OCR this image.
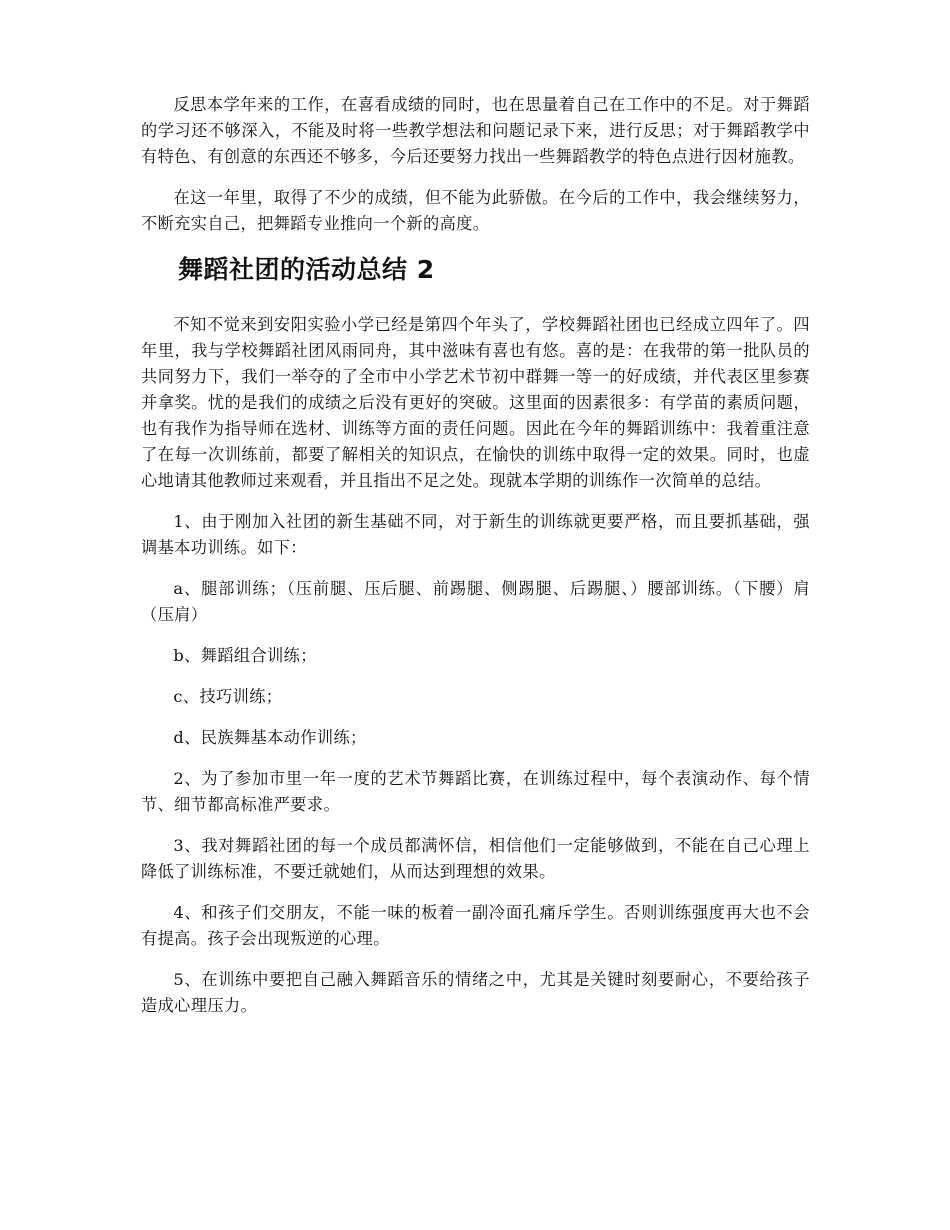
反思本学年来的工作，在喜看成绩的同时，也在思量着自己在工作中的不足。对于舞蹈的学习还不够深入，不能及时将一些教学想法和问题记录下来，进行反思；对于舞蹈教学中有特色、有创意的东西还不够多，今后还要努力找出一些舞蹈教学的特色点进行因材施教。

在这一年里，取得了不少的成绩，但不能为此骄傲。在今后的工作中，我会继续努力，不断充实自己，把舞蹈专业推向一个新的高度。

舞蹈社团的活动总结 2

不知不觉来到安阳实验小学已经是第四个年头了，学校舞蹈社团也已经成立四年了。四年里，我与学校舞蹈社团风雨同舟，其中滋味有喜也有悠。喜的是：在我带的第一批队员的共同努力下，我们一举夺的了全市中小学艺术节初中群舞一等一的好成绩，并代表区里参赛并拿奖。忧的是我们的成绩之后没有更好的突破。这里面的因素很多：有学苗的素质问题，也有我作为指导师在选材、训练等方面的责任问题。因此在今年的舞蹈训练中：我着重注意了在每一次训练前，都要了解相关的知识点，在愉快的训练中取得一定的效果。同时，也虚心地请其他教师过来观看，并且指出不足之处。现就本学期的训练作一次简单的总结。

1、由于刚加入社团的新生基础不同，对于新生的训练就更要严格，而且要抓基础，强调基本功训练。如下：

a、腿部训练；（压前腿、压后腿、前踢腿、侧踢腿、后踢腿、）腰部训练。（下腰）肩（压肩）

b、舞蹈组合训练；

c、技巧训练；

d、民族舞基本动作训练；

2、为了参加市里一年一度的艺术节舞蹈比赛，在训练过程中，每个表演动作、每个情节、细节都高标准严要求。

3、我对舞蹈社团的每一个成员都满怀信，相信他们一定能够做到，不能在自己心理上降低了训练标准，不要迁就她们，从而达到理想的效果。

4、和孩子们交朋友，不能一味的板着一副冷面孔痛斥学生。否则训练强度再大也不会有提高。孩子会出现叛逆的心理。

5、在训练中要把自己融入舞蹈音乐的情绪之中，尤其是关键时刻要耐心，不要给孩子造成心理压力。
